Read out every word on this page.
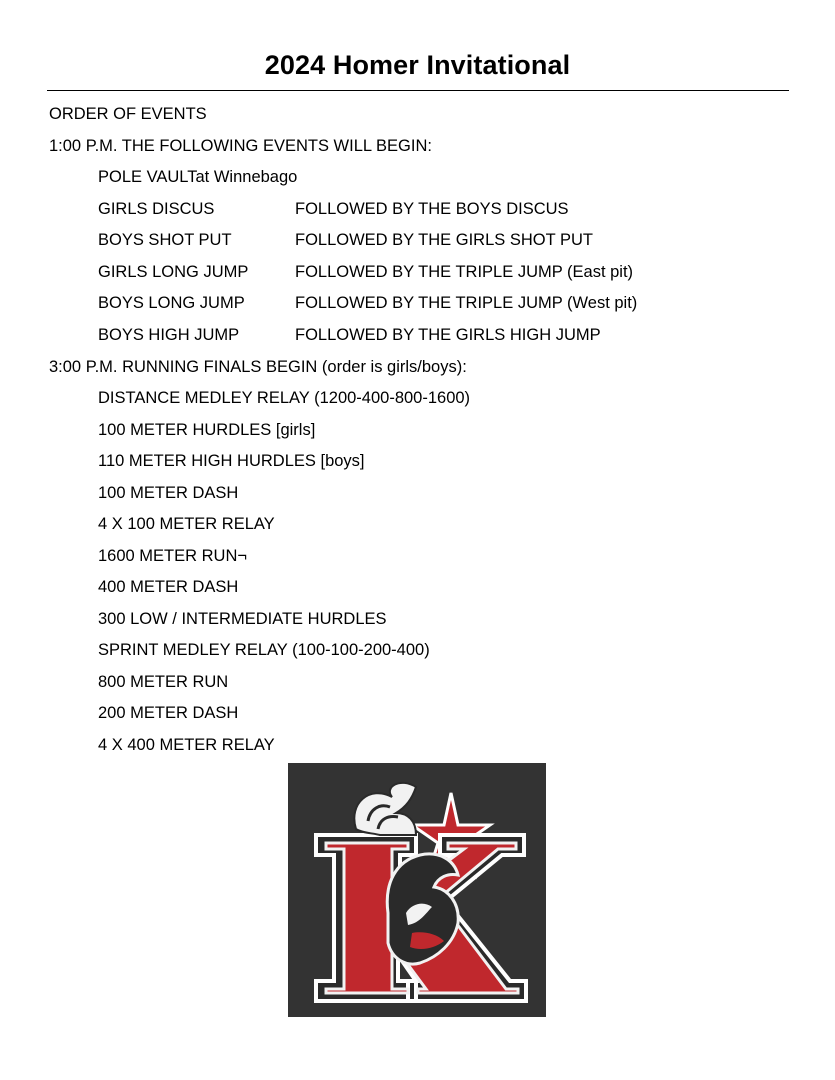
2024 Homer Invitational
ORDER OF EVENTS
1:00 P.M. THE FOLLOWING EVENTS WILL BEGIN:
POLE VAULTat Winnebago
GIRLS DISCUS	FOLLOWED BY THE BOYS DISCUS
BOYS SHOT PUT	FOLLOWED BY THE GIRLS SHOT PUT
GIRLS LONG JUMP	FOLLOWED BY THE TRIPLE JUMP (East pit)
BOYS LONG JUMP	FOLLOWED BY THE TRIPLE JUMP (West pit)
BOYS HIGH JUMP	FOLLOWED BY THE GIRLS HIGH JUMP
3:00 P.M. RUNNING FINALS BEGIN (order is girls/boys):
DISTANCE MEDLEY RELAY (1200-400-800-1600)
100 METER HURDLES [girls]
110 METER HIGH HURDLES [boys]
100 METER DASH
4 X 100 METER RELAY
1600 METER RUN¬
400 METER DASH
300 LOW / INTERMEDIATE HURDLES
SPRINT MEDLEY RELAY (100-100-200-400)
800 METER RUN
200 METER DASH
4 X 400 METER RELAY
